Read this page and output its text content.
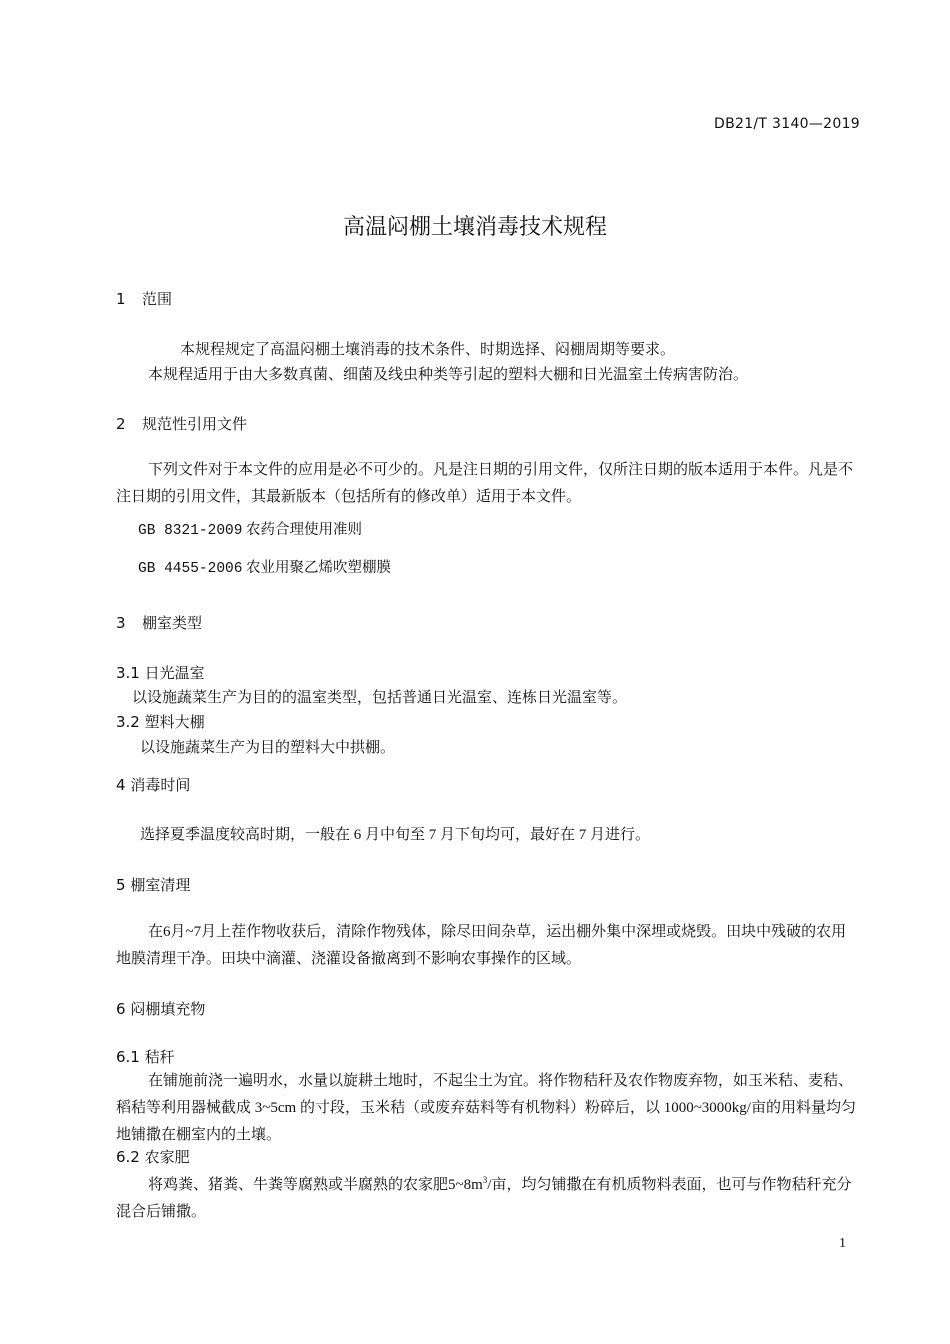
DB21/T 3140—2019
高温闷棚土壤消毒技术规程
1 范围
本规程规定了高温闷棚土壤消毒的技术条件、时期选择、闷棚周期等要求。
本规程适用于由大多数真菌、细菌及线虫种类等引起的塑料大棚和日光温室土传病害防治。
2 规范性引用文件
下列文件对于本文件的应用是必不可少的。凡是注日期的引用文件，仅所注日期的版本适用于本件。凡是不注日期的引用文件，其最新版本（包括所有的修改单）适用于本文件。
GB 8321-2009 农药合理使用准则
GB 4455-2006 农业用聚乙烯吹塑棚膜
3 棚室类型
3.1 日光温室
以设施蔬菜生产为目的的温室类型，包括普通日光温室、连栋日光温室等。
3.2 塑料大棚
以设施蔬菜生产为目的塑料大中拱棚。
4 消毒时间
选择夏季温度较高时期，一般在 6 月中旬至 7 月下旬均可，最好在 7 月进行。
5 棚室清理
在6月~7月上茬作物收获后，清除作物残体，除尽田间杂草，运出棚外集中深埋或烧毁。田块中残破的农用地膜清理干净。田块中滴灌、浇灌设备撤离到不影响农事操作的区域。
6 闷棚填充物
6.1 秸秆
在铺施前浇一遍明水，水量以旋耕土地时，不起尘土为宜。将作物秸秆及农作物废弃物，如玉米秸、麦秸、稻秸等利用器械截成 3~5cm 的寸段，玉米秸（或废弃菇料等有机物料）粉碎后，以 1000~3000kg/亩的用料量均匀地铺撒在棚室内的土壤。
6.2 农家肥
将鸡粪、猪粪、牛粪等腐熟或半腐熟的农家肥$5\sim 8m^3/$亩，均匀铺撒在有机质物料表面，也可与作物秸秆充分混合后铺撒。
1
